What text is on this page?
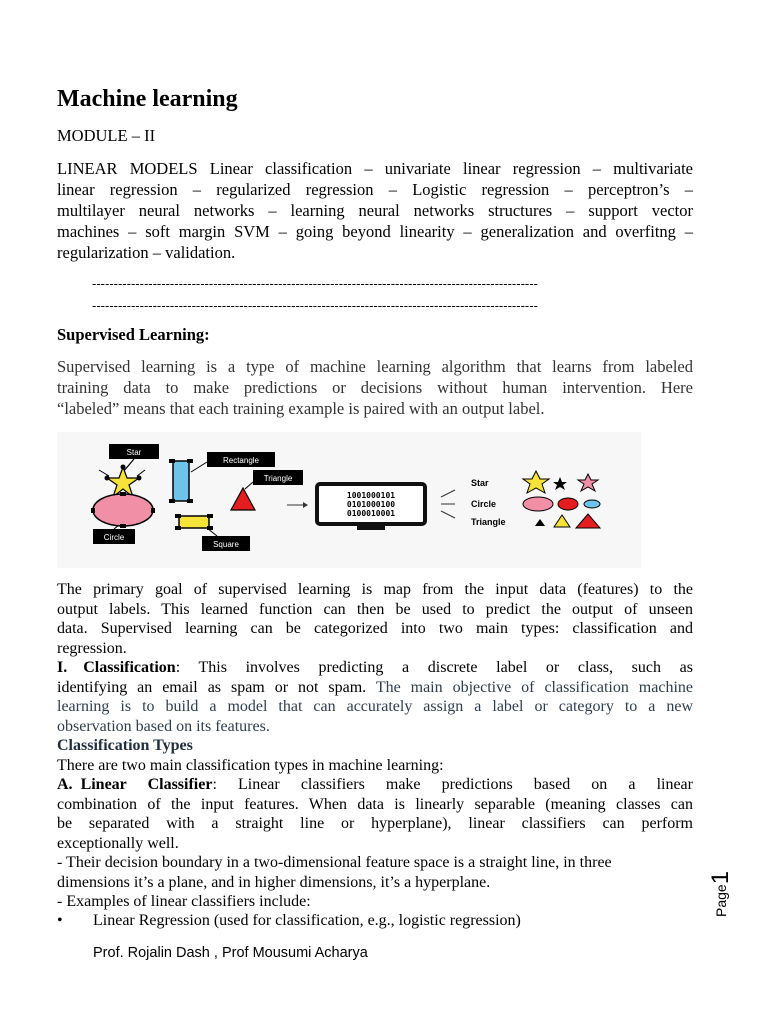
Machine learning
MODULE – II
LINEAR MODELS Linear classification – univariate linear regression – multivariate
linear regression – regularized regression – Logistic regression – perceptron’s –
multilayer neural networks – learning neural networks structures – support vector
machines – soft margin SVM – going beyond linearity – generalization and overfitng –
regularization – validation.
-------------------------------------------------------------------------------------------------------
-------------------------------------------------------------------------------------------------------
Supervised Learning:
Supervised learning is a type of machine learning algorithm that learns from labeled
training data to make predictions or decisions without human intervention. Here
“labeled” means that each training example is paired with an output label.
Star
Rectangle
Triangle
Circle
Square
1001000101
0101000100
0100010001
Star
Circle
Triangle
The primary goal of supervised learning is map from the input data (features) to the
output labels. This learned function can then be used to predict the output of unseen
data. Supervised learning can be categorized into two main types: classification and
regression.
I.  Classification: This involves predicting a discrete label or class, such as
identifying an email as spam or not spam. The main objective of classification machine
learning is to build a model that can accurately assign a label or category to a new
observation based on its features.
Classification Types
There are two main classification types in machine learning:
A.  Linear Classifier: Linear classifiers make predictions based on a linear
combination of the input features. When data is linearly separable (meaning classes can
be separated with a straight line or hyperplane), linear classifiers can perform
exceptionally well.
- Their decision boundary in a two-dimensional feature space is a straight line, in three
dimensions it’s a plane, and in higher dimensions, it’s a hyperplane.
- Examples of linear classifiers include:
• Linear Regression (used for classification, e.g., logistic regression)
Prof. Rojalin Dash , Prof Mousumi Acharya
Page1
